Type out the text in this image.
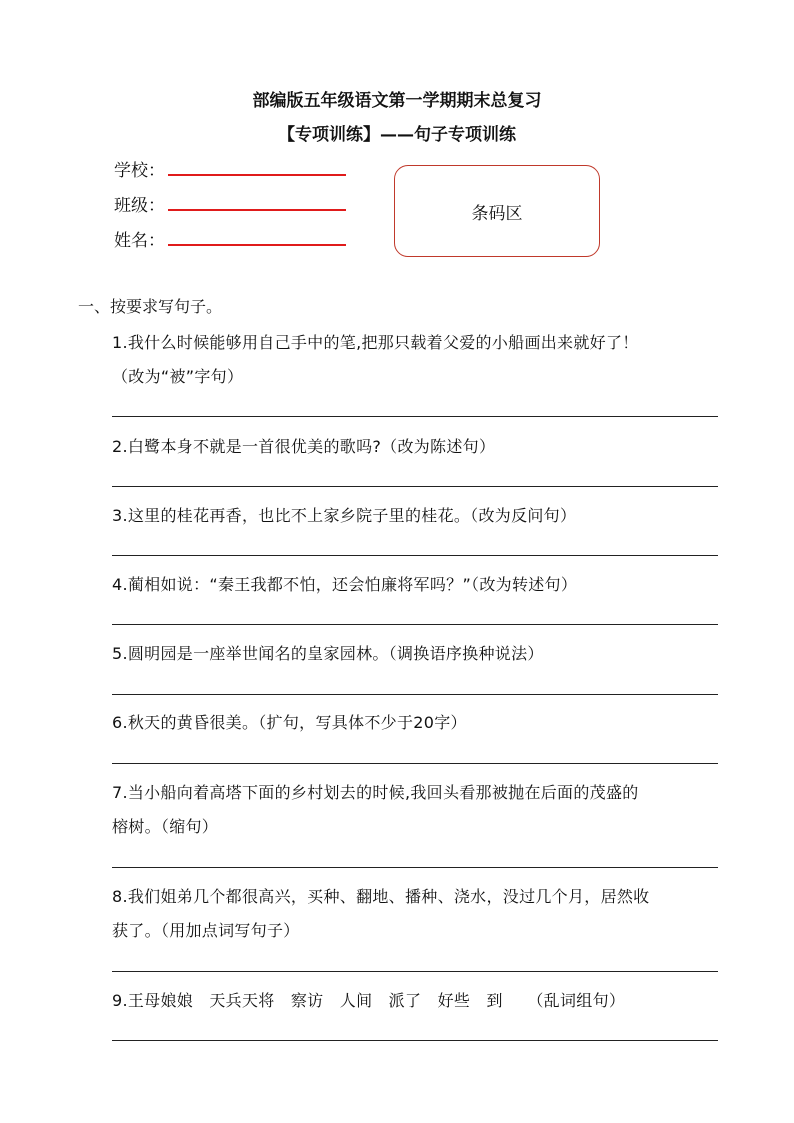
部编版五年级语文第一学期期末总复习
【专项训练】——句子专项训练
学校：
班级：
姓名：
条码区
一、按要求写句子。
1.我什么时候能够用自己手中的笔,把那只载着父爱的小船画出来就好了！
（改为“被”字句）
2.白鹭本身不就是一首很优美的歌吗?（改为陈述句）
3.这里的桂花再香，也比不上家乡院子里的桂花。（改为反问句）
4.蔺相如说：“秦王我都不怕，还会怕廉将军吗？”（改为转述句）
5.圆明园是一座举世闻名的皇家园林。（调换语序换种说法）
6.秋天的黄昏很美。（扩句，写具体不少于20字）
7.当小船向着高塔下面的乡村划去的时候,我回头看那被抛在后面的茂盛的
榕树。（缩句）
8.我们姐弟几个都很高兴，买种、翻地、播种、浇水，没过几个月，居然收
获了。（用加点词写句子）
9.王母娘娘　天兵天将　察访　人间　派了　好些　到　　（乱词组句）
